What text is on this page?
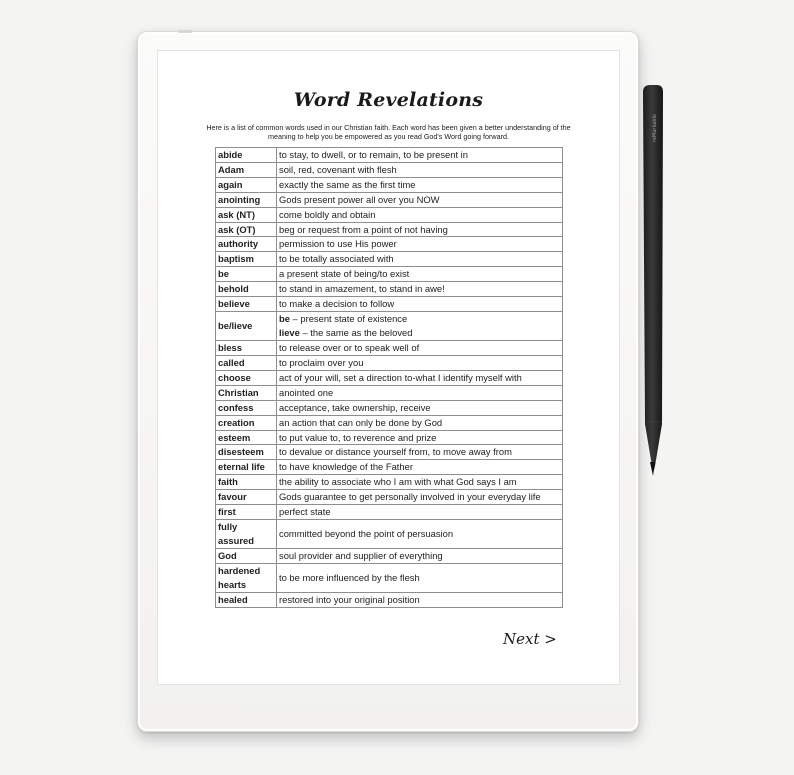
Word Revelations
Here is a list of common words used in our Christian faith. Each word has been given a better understanding of the meaning to help you be empowered as you read God's Word going forward.
abide	to stay, to dwell, or to remain, to be present in
Adam	soil, red, covenant with flesh
again	exactly the same as the first time
anointing	Gods present power all over you NOW
ask (NT)	come boldly and obtain
ask (OT)	beg or request from a point of not having
authority	permission to use His power
baptism	to be totally associated with
be	a present state of being/to exist
behold	to stand in amazement, to stand in awe!
believe	to make a decision to follow
be/lieve	be – present state of existence
lieve – the same as the beloved

bless	to release over or to speak well of
called	to proclaim over you
choose	act of your will, set a direction to-what I identify myself with
Christian	anointed one
confess	acceptance, take ownership, receive
creation	an action that can only be done by God
esteem	to put value to, to reverence and prize
disesteem	to devalue or distance yourself from, to move away from
eternal life	to have knowledge of the Father
faith	the ability to associate who I am with what God says I am
favour	Gods guarantee to get personally involved in your everyday life
first	perfect state
fully assured	committed beyond the point of persuasion
God	soul provider and supplier of everything
hardened hearts	to be more influenced by the flesh
healed	restored into your original position
Next >
reMarkable
